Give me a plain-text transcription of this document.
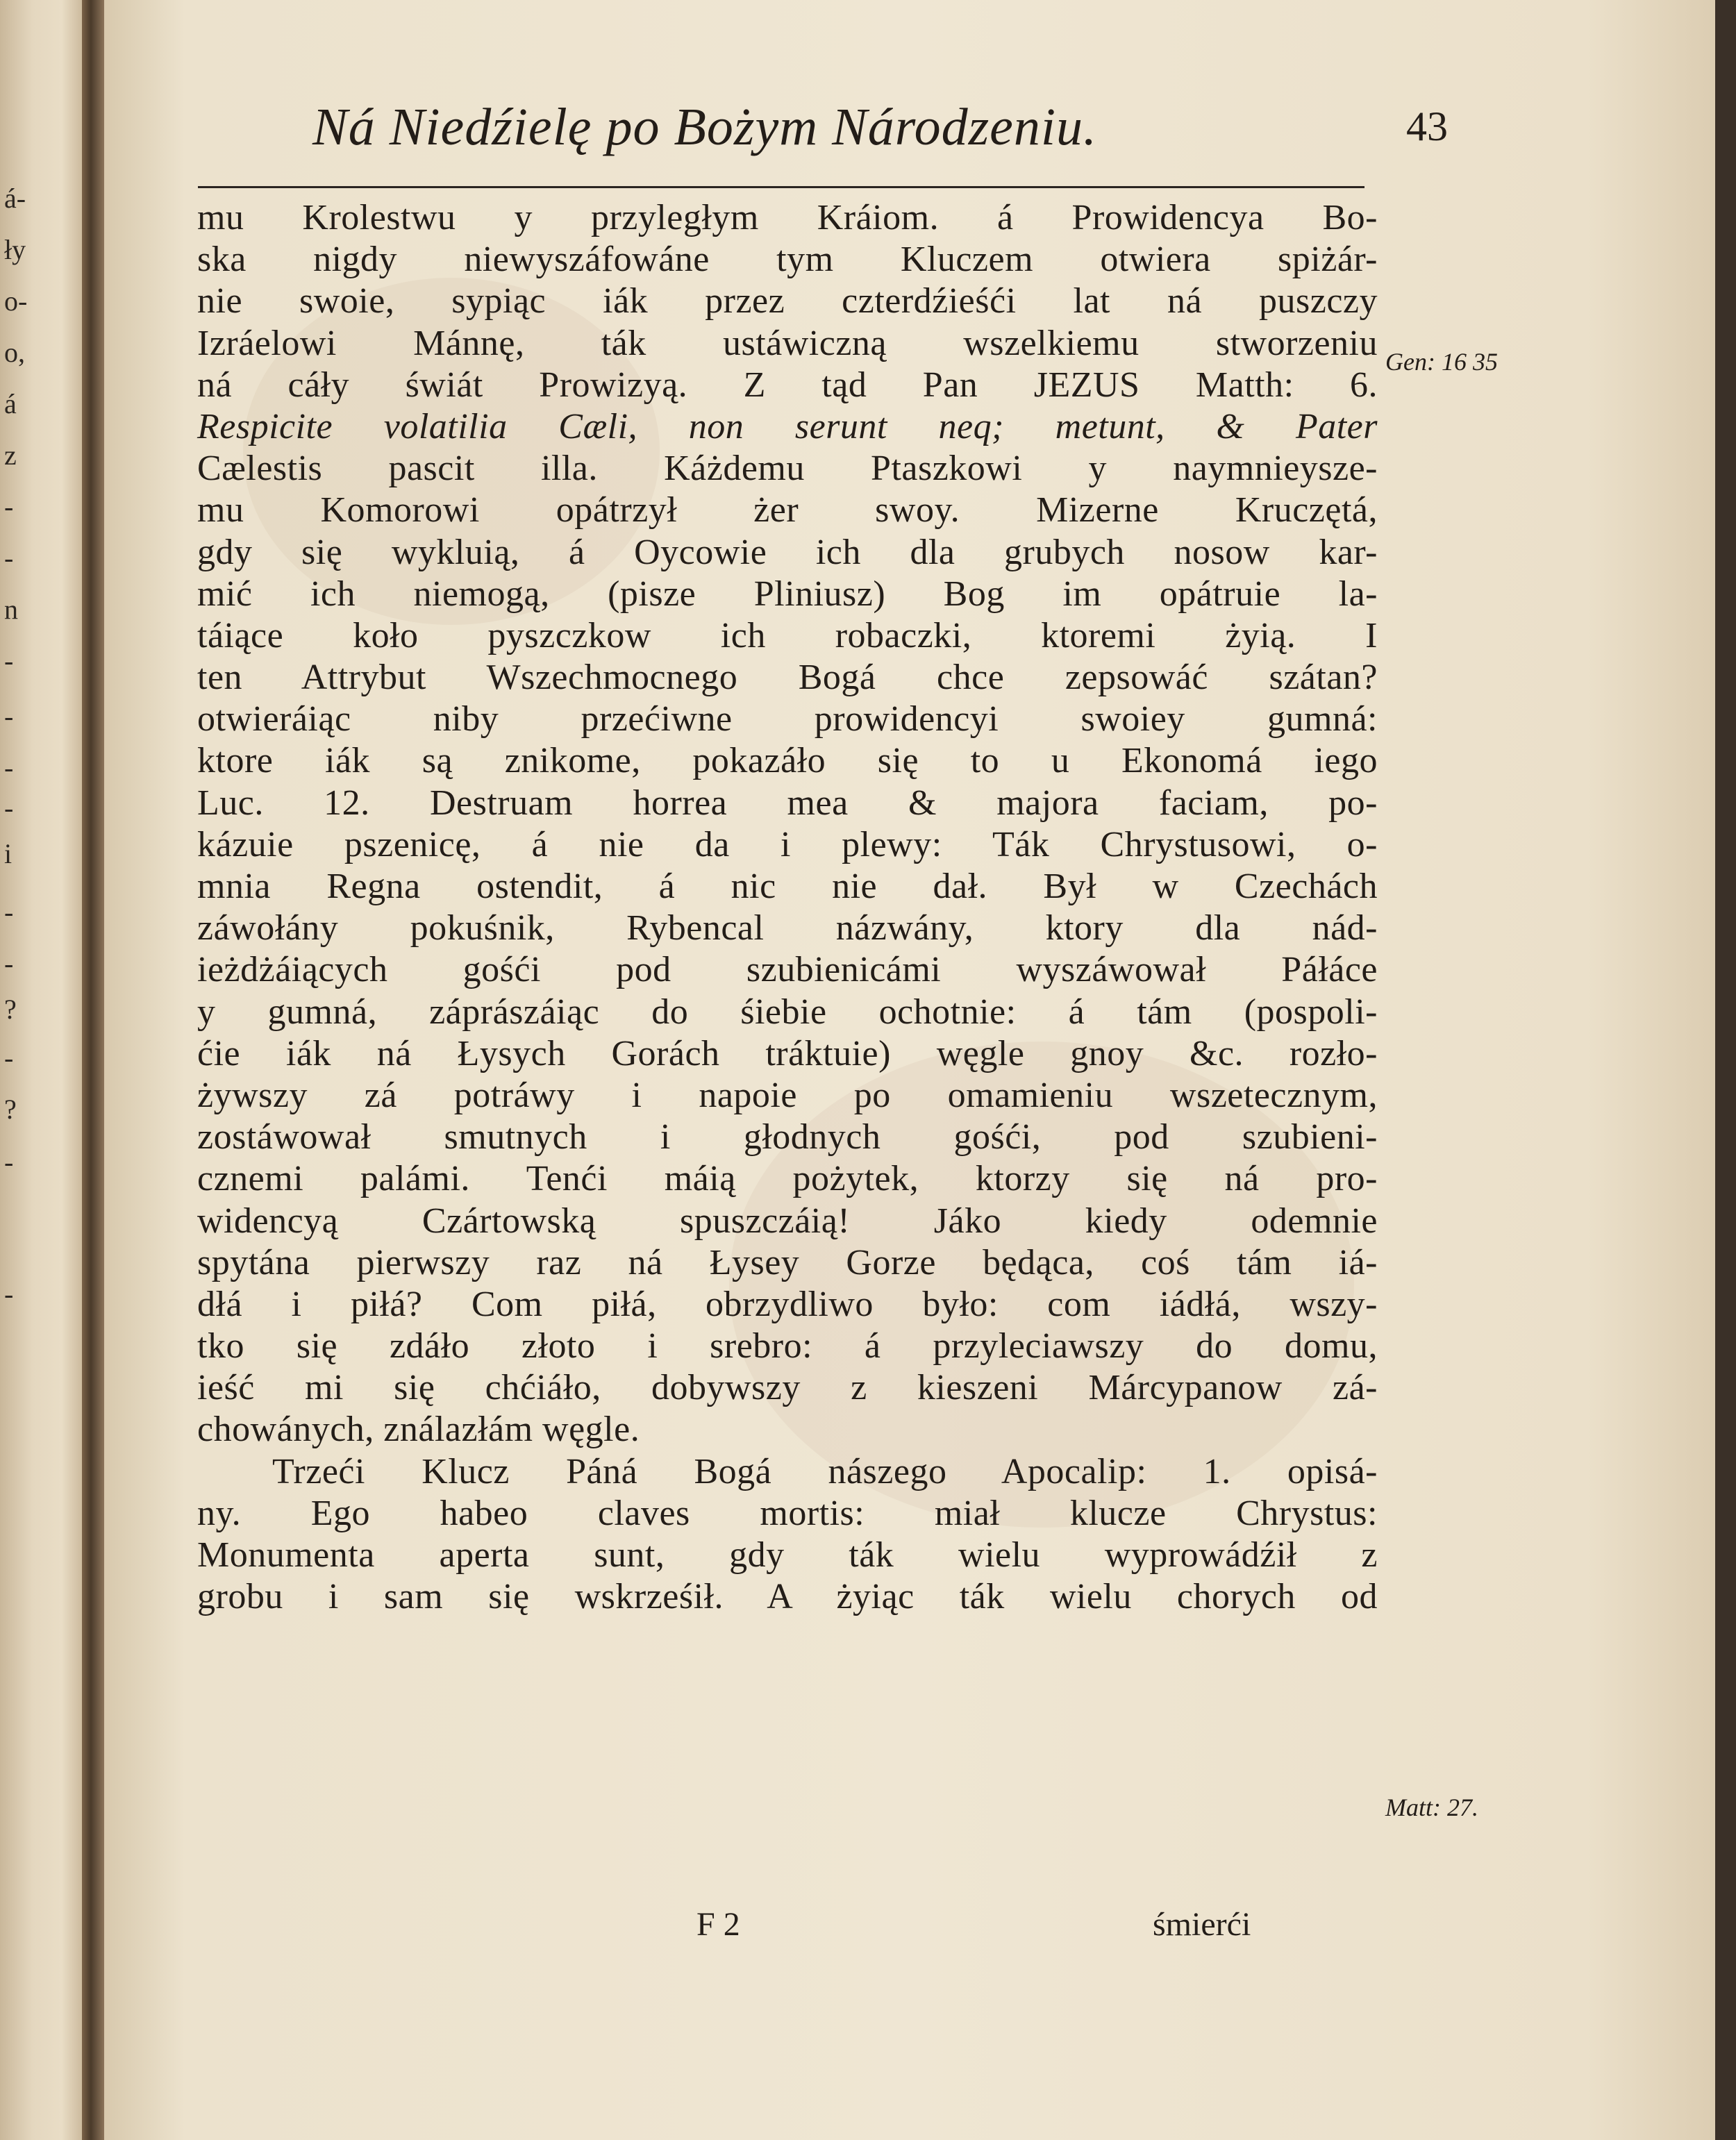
á-
ły
o-
o,
á
z
-
-
n
-
-
-
-
i
-
-
?
-
?
-
-
Ná Niedźielę po Bożym Národzeniu.	43
mu Krolestwu y przyległym Kráiom. á Prowidencya Bo-
ska nigdy niewyszáfowáne tym Kluczem otwiera spiżár-
nie swoie, sypiąc iák przez czterdźieśći lat ná puszczy
Izráelowi Mánnę, ták ustáwiczną wszelkiemu stworzeniu
ná cáły świát Prowizyą. Z tąd Pan JEZUS Matth: 6.
Respicite volatilia Cæli, non serunt neq; metunt, & Pater
Cælestis pascit illa. Káżdemu Ptaszkowi y naymnieysze-
mu Komorowi opátrzył żer swoy. Mizerne Kruczętá,
gdy się wykluią, á Oycowie ich dla grubych nosow kar-
mić ich niemogą, (pisze Pliniusz) Bog im opátruie la-
táiące koło pyszczkow ich robaczki, ktoremi żyią. I
ten Attrybut Wszechmocnego Bogá chce zepsowáć szátan?
otwieráiąc niby przećiwne prowidencyi swoiey gumná:
ktore iák są znikome, pokazáło się to u Ekonomá iego
Luc. 12. Destruam horrea mea & majora faciam, po-
kázuie pszenicę, á nie da i plewy: Ták Chrystusowi, o-
mnia Regna ostendit, á nic nie dał. Był w Czechách
záwołány pokuśnik, Rybencal názwány, ktory dla nád-
ieżdżáiących gośći pod szubienicámi wyszáwował Páłáce
y gumná, záprászáiąc do śiebie ochotnie: á tám (pospoli-
ćie iák ná Łysych Gorách tráktuie) węgle gnoy &c. rozło-
żywszy zá potráwy i napoie po omamieniu wszetecznym,
zostáwował smutnych i głodnych gośći, pod szubieni-
cznemi palámi. Tenći máią pożytek, ktorzy się ná pro-
widencyą Czártowską spuszczáią! Jáko kiedy odemnie
spytána pierwszy raz ná Łysey Gorze będąca, coś tám iá-
dłá i piłá? Com piłá, obrzydliwo było: com iádłá, wszy-
tko się zdáło złoto i srebro: á przyleciawszy do domu,
ieść mi się chćiáło, dobywszy z kieszeni Márcypanow zá-
chowánych, ználazłám węgle.
Trzeći Klucz Páná Bogá nászego Apocalip: 1. opisá-
ny. Ego habeo claves mortis: miał klucze Chrystus:
Monumenta aperta sunt, gdy ták wielu wyprowádźił z
grobu i sam się wskrześił. A żyiąc ták wielu chorych od
Gen: 16 35
Matt: 27.
F 2	śmierći
